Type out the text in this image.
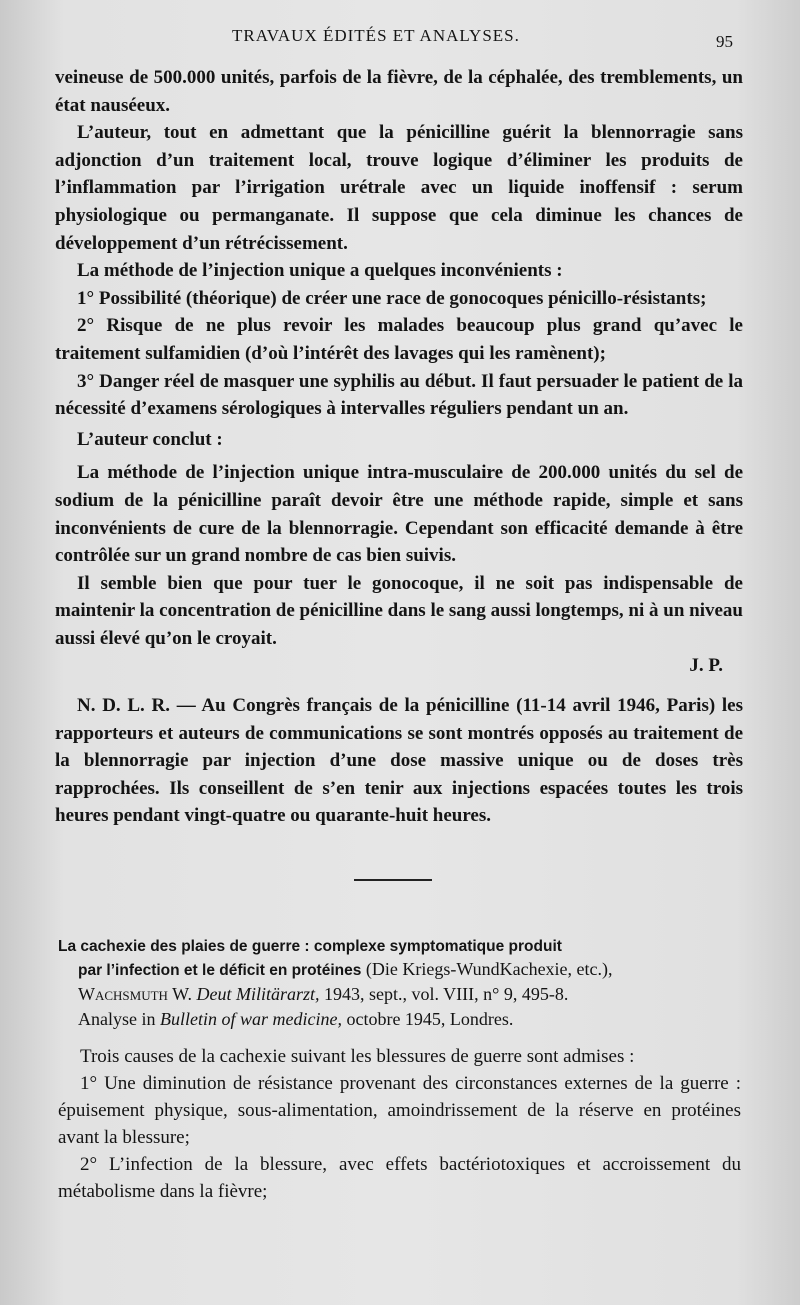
TRAVAUX ÉDITÉS ET ANALYSES.	95

veineuse de 500.000 unités, parfois de la fièvre, de la céphalée, des tremblements, un état nauséeux.

L’auteur, tout en admettant que la pénicilline guérit la blennorragie sans adjonction d’un traitement local, trouve logique d’éliminer les produits de l’inflammation par l’irrigation urétrale avec un liquide inoffensif : serum physiologique ou permanganate. Il suppose que cela diminue les chances de développement d’un rétrécissement.

La méthode de l’injection unique a quelques inconvénients :

1° Possibilité (théorique) de créer une race de gonocoques pénicillo-résistants;

2° Risque de ne plus revoir les malades beaucoup plus grand qu’avec le traitement sulfamidien (d’où l’intérêt des lavages qui les ramènent);

3° Danger réel de masquer une syphilis au début. Il faut persuader le patient de la nécessité d’examens sérologiques à intervalles réguliers pendant un an.

L’auteur conclut :

La méthode de l’injection unique intra-musculaire de 200.000 unités du sel de sodium de la pénicilline paraît devoir être une méthode rapide, simple et sans inconvénients de cure de la blennorragie. Cependant son efficacité demande à être contrôlée sur un grand nombre de cas bien suivis.

Il semble bien que pour tuer le gonocoque, il ne soit pas indispensable de maintenir la concentration de pénicilline dans le sang aussi longtemps, ni à un niveau aussi élevé qu’on le croyait.

J. P.

N. D. L. R. — Au Congrès français de la pénicilline (11-14 avril 1946, Paris) les rapporteurs et auteurs de communications se sont montrés opposés au traitement de la blennorragie par injection d’une dose massive unique ou de doses très rapprochées. Ils conseillent de s’en tenir aux injections espacées toutes les trois heures pendant vingt-quatre ou quarante-huit heures.

La cachexie des plaies de guerre : complexe symptomatique produit

par l’infection et le déficit en protéines (Die Kriegs-WundKachexie, etc.),
Wachsmuth W. Deut Militärarzt, 1943, sept., vol. VIII, n° 9, 495-8.
Analyse in Bulletin of war medicine, octobre 1945, Londres.

Trois causes de la cachexie suivant les blessures de guerre sont admises :

1° Une diminution de résistance provenant des circonstances externes de la guerre : épuisement physique, sous-alimentation, amoindrissement de la réserve en protéines avant la blessure;

2° L’infection de la blessure, avec effets bactériotoxiques et accroissement du métabolisme dans la fièvre;
